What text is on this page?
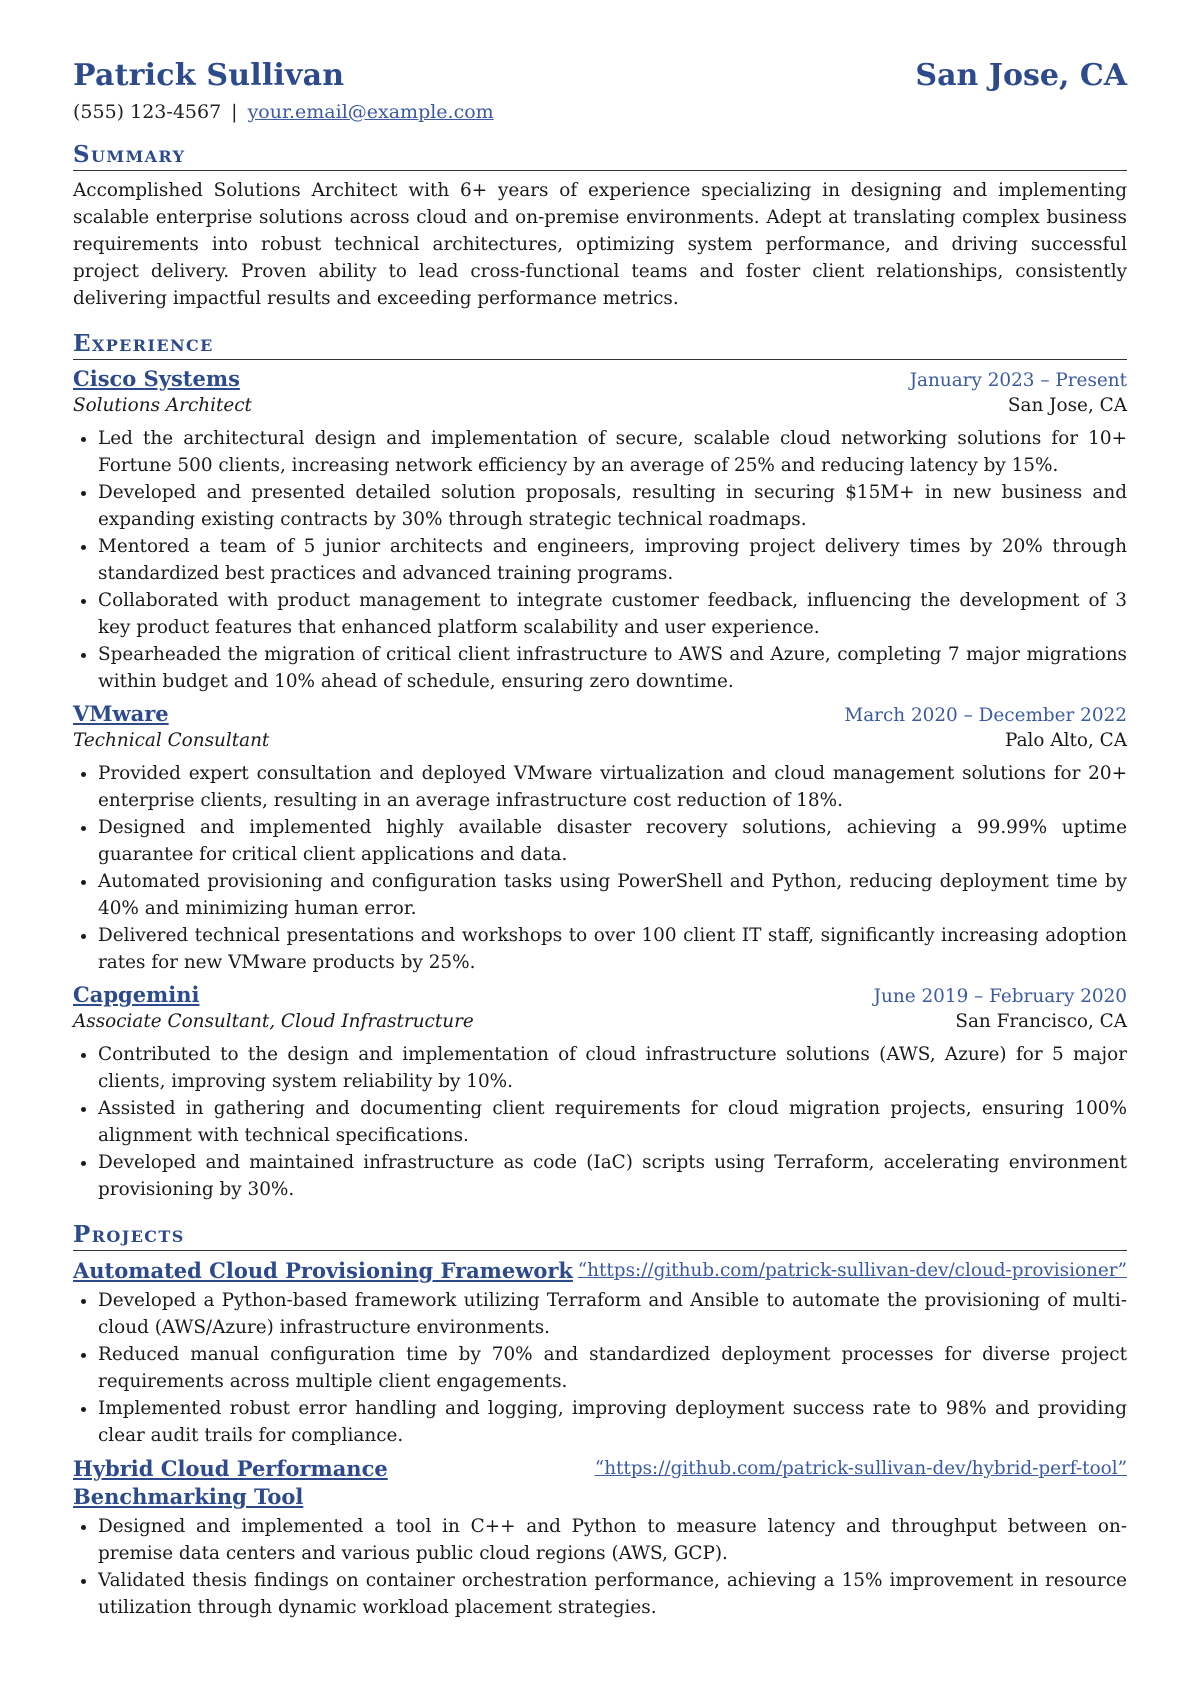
Patrick Sullivan	San Jose, CA
(555) 123-4567 | your.email@example.com
Summary
Accomplished Solutions Architect with 6+ years of experience specializing in designing and implementing scalable enterprise solutions across cloud and on-premise environments. Adept at translating complex business requirements into robust technical architectures, optimizing system performance, and driving successful project delivery. Proven ability to lead cross-functional teams and foster client relationships, consistently delivering impactful results and exceeding performance metrics.
Experience
Cisco Systems	January 2023 – Present
Solutions Architect	San Jose, CA
• Led the architectural design and implementation of secure, scalable cloud networking solutions for 10+ Fortune 500 clients, increasing network efficiency by an average of 25% and reducing latency by 15%.
• Developed and presented detailed solution proposals, resulting in securing $15M+ in new business and expanding existing contracts by 30% through strategic technical roadmaps.
• Mentored a team of 5 junior architects and engineers, improving project delivery times by 20% through standardized best practices and advanced training programs.
• Collaborated with product management to integrate customer feedback, influencing the development of 3 key product features that enhanced platform scalability and user experience.
• Spearheaded the migration of critical client infrastructure to AWS and Azure, completing 7 major migrations within budget and 10% ahead of schedule, ensuring zero downtime.
VMware	March 2020 – December 2022
Technical Consultant	Palo Alto, CA
• Provided expert consultation and deployed VMware virtualization and cloud management solutions for 20+ enterprise clients, resulting in an average infrastructure cost reduction of 18%.
• Designed and implemented highly available disaster recovery solutions, achieving a 99.99% uptime guarantee for critical client applications and data.
• Automated provisioning and configuration tasks using PowerShell and Python, reducing deployment time by 40% and minimizing human error.
• Delivered technical presentations and workshops to over 100 client IT staff, significantly increasing adoption rates for new VMware products by 25%.
Capgemini	June 2019 – February 2020
Associate Consultant, Cloud Infrastructure	San Francisco, CA
• Contributed to the design and implementation of cloud infrastructure solutions (AWS, Azure) for 5 major clients, improving system reliability by 10%.
• Assisted in gathering and documenting client requirements for cloud migration projects, ensuring 100% alignment with technical specifications.
• Developed and maintained infrastructure as code (IaC) scripts using Terraform, accelerating environment provisioning by 30%.
Projects
Automated Cloud Provisioning Framework “https://github.com/patrick-sullivan-dev/cloud-provisioner”
• Developed a Python-based framework utilizing Terraform and Ansible to automate the provisioning of multi-cloud (AWS/Azure) infrastructure environments.
• Reduced manual configuration time by 70% and standardized deployment processes for diverse project requirements across multiple client engagements.
• Implemented robust error handling and logging, improving deployment success rate to 98% and providing clear audit trails for compliance.
Hybrid Cloud Performance Benchmarking Tool
“https://github.com/patrick-sullivan-dev/hybrid-perf-tool”
• Designed and implemented a tool in C++ and Python to measure latency and throughput between on-premise data centers and various public cloud regions (AWS, GCP).
• Validated thesis findings on container orchestration performance, achieving a 15% improvement in resource utilization through dynamic workload placement strategies.
